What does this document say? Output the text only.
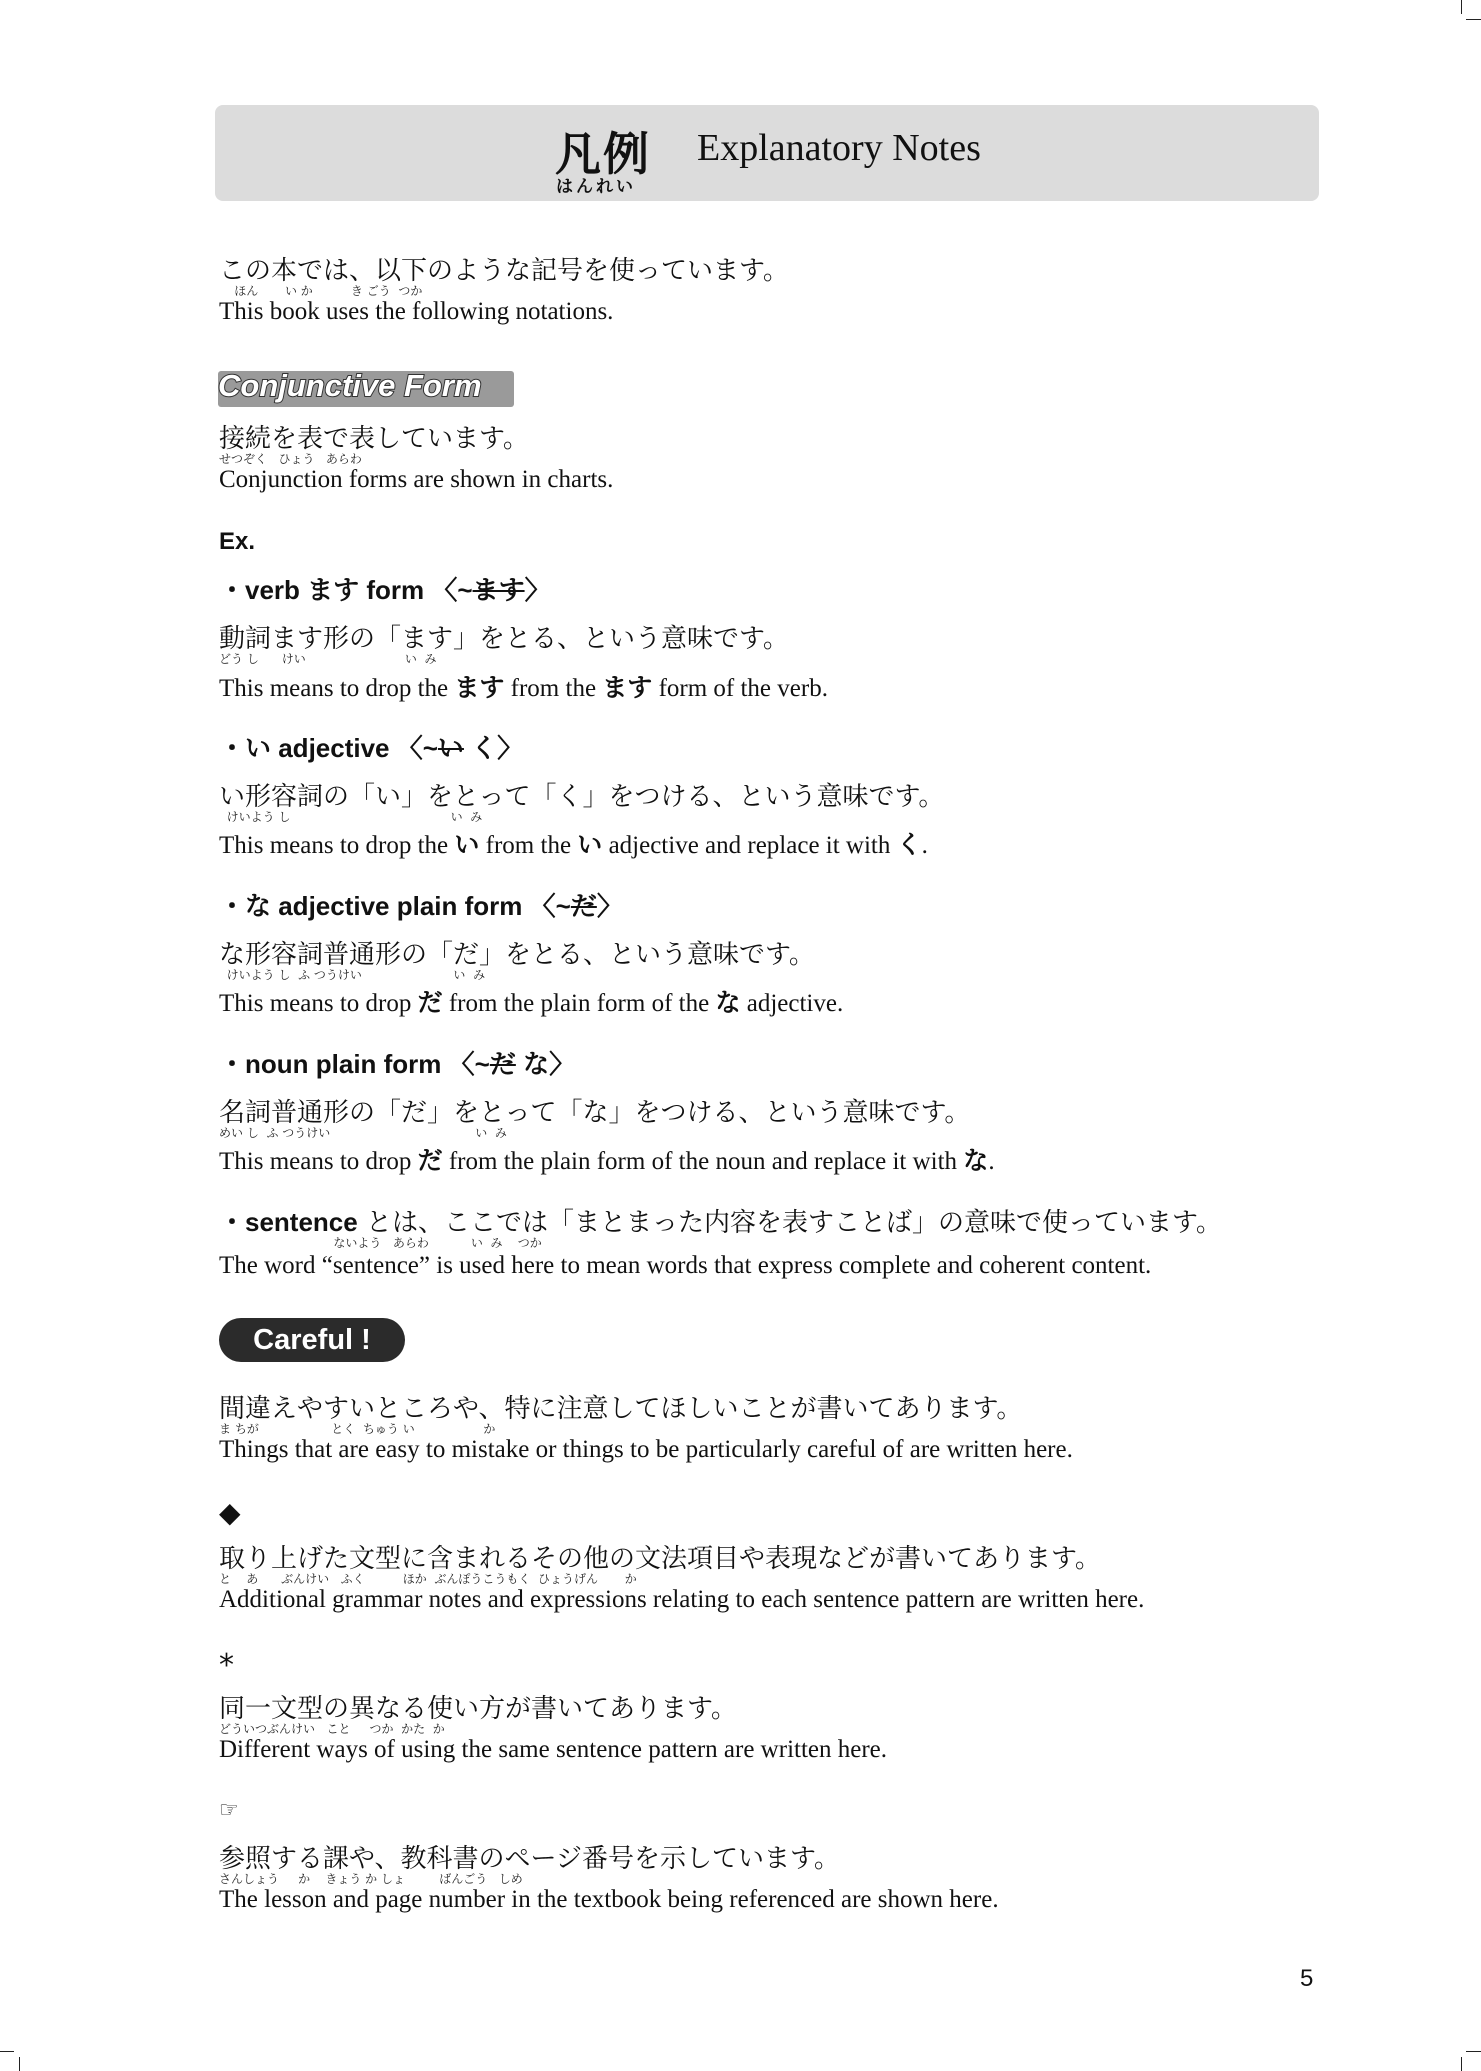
凡例
はんれい
Explanatory Notes
この本では、以下のような記号を使っています。
ほん       い か          き ごう  つか
This book uses the following notations.
Conjunctive Form
接続を表で表しています。
せつぞく   ひょう   あらわ
Conjunction forms are shown in charts.
Ex.
・verb ます form 〈~ます〉
動詞ます形の「ます」をとる、という意味です。
どう し      けい                          い  み
This means to drop the ます from the ます form of the verb.
・い adjective 〈~い く〉
い形容詞の「い」をとって「く」をつける、という意味です。
けいよう し                                          い  み
This means to drop the い from the い adjective and replace it with く.
・な adjective plain form 〈~だ〉
な形容詞普通形の「だ」をとる、という意味です。
けいよう し  ふ つうけい                        い  み
This means to drop だ from the plain form of the な adjective.
・noun plain form 〈~だ な〉
名詞普通形の「だ」をとって「な」をつける、という意味です。
めい し  ふ つうけい                                      い  み
This means to drop だ from the plain form of the noun and replace it with な.
・sentence とは、ここでは「まとまった内容を表すことば」の意味で使っています。
ないよう   あらわ           い  み    つか
The word “sentence” is used here to mean words that express complete and coherent content.
Careful !
間違えやすいところや、特に注意してほしいことが書いてあります。
ま ちが                   とく  ちゅう い                  か
Things that are easy to mistake or things to be particularly careful of are written here.
◆
取り上げた文型に含まれるその他の文法項目や表現などが書いてあります。
と    あ      ぶんけい   ふく          ほか  ぶんぽうこうもく  ひょうげん       か
Additional grammar notes and expressions relating to each sentence pattern are written here.
*
同一文型の異なる使い方が書いてあります。
どういつぶんけい   こと     つか  かた  か
Different ways of using the same sentence pattern are written here.
☞
参照する課や、教科書のページ番号を示しています。
さんしょう     か    きょう か しょ         ばんごう   しめ
The lesson and page number in the textbook being referenced are shown here.
5
